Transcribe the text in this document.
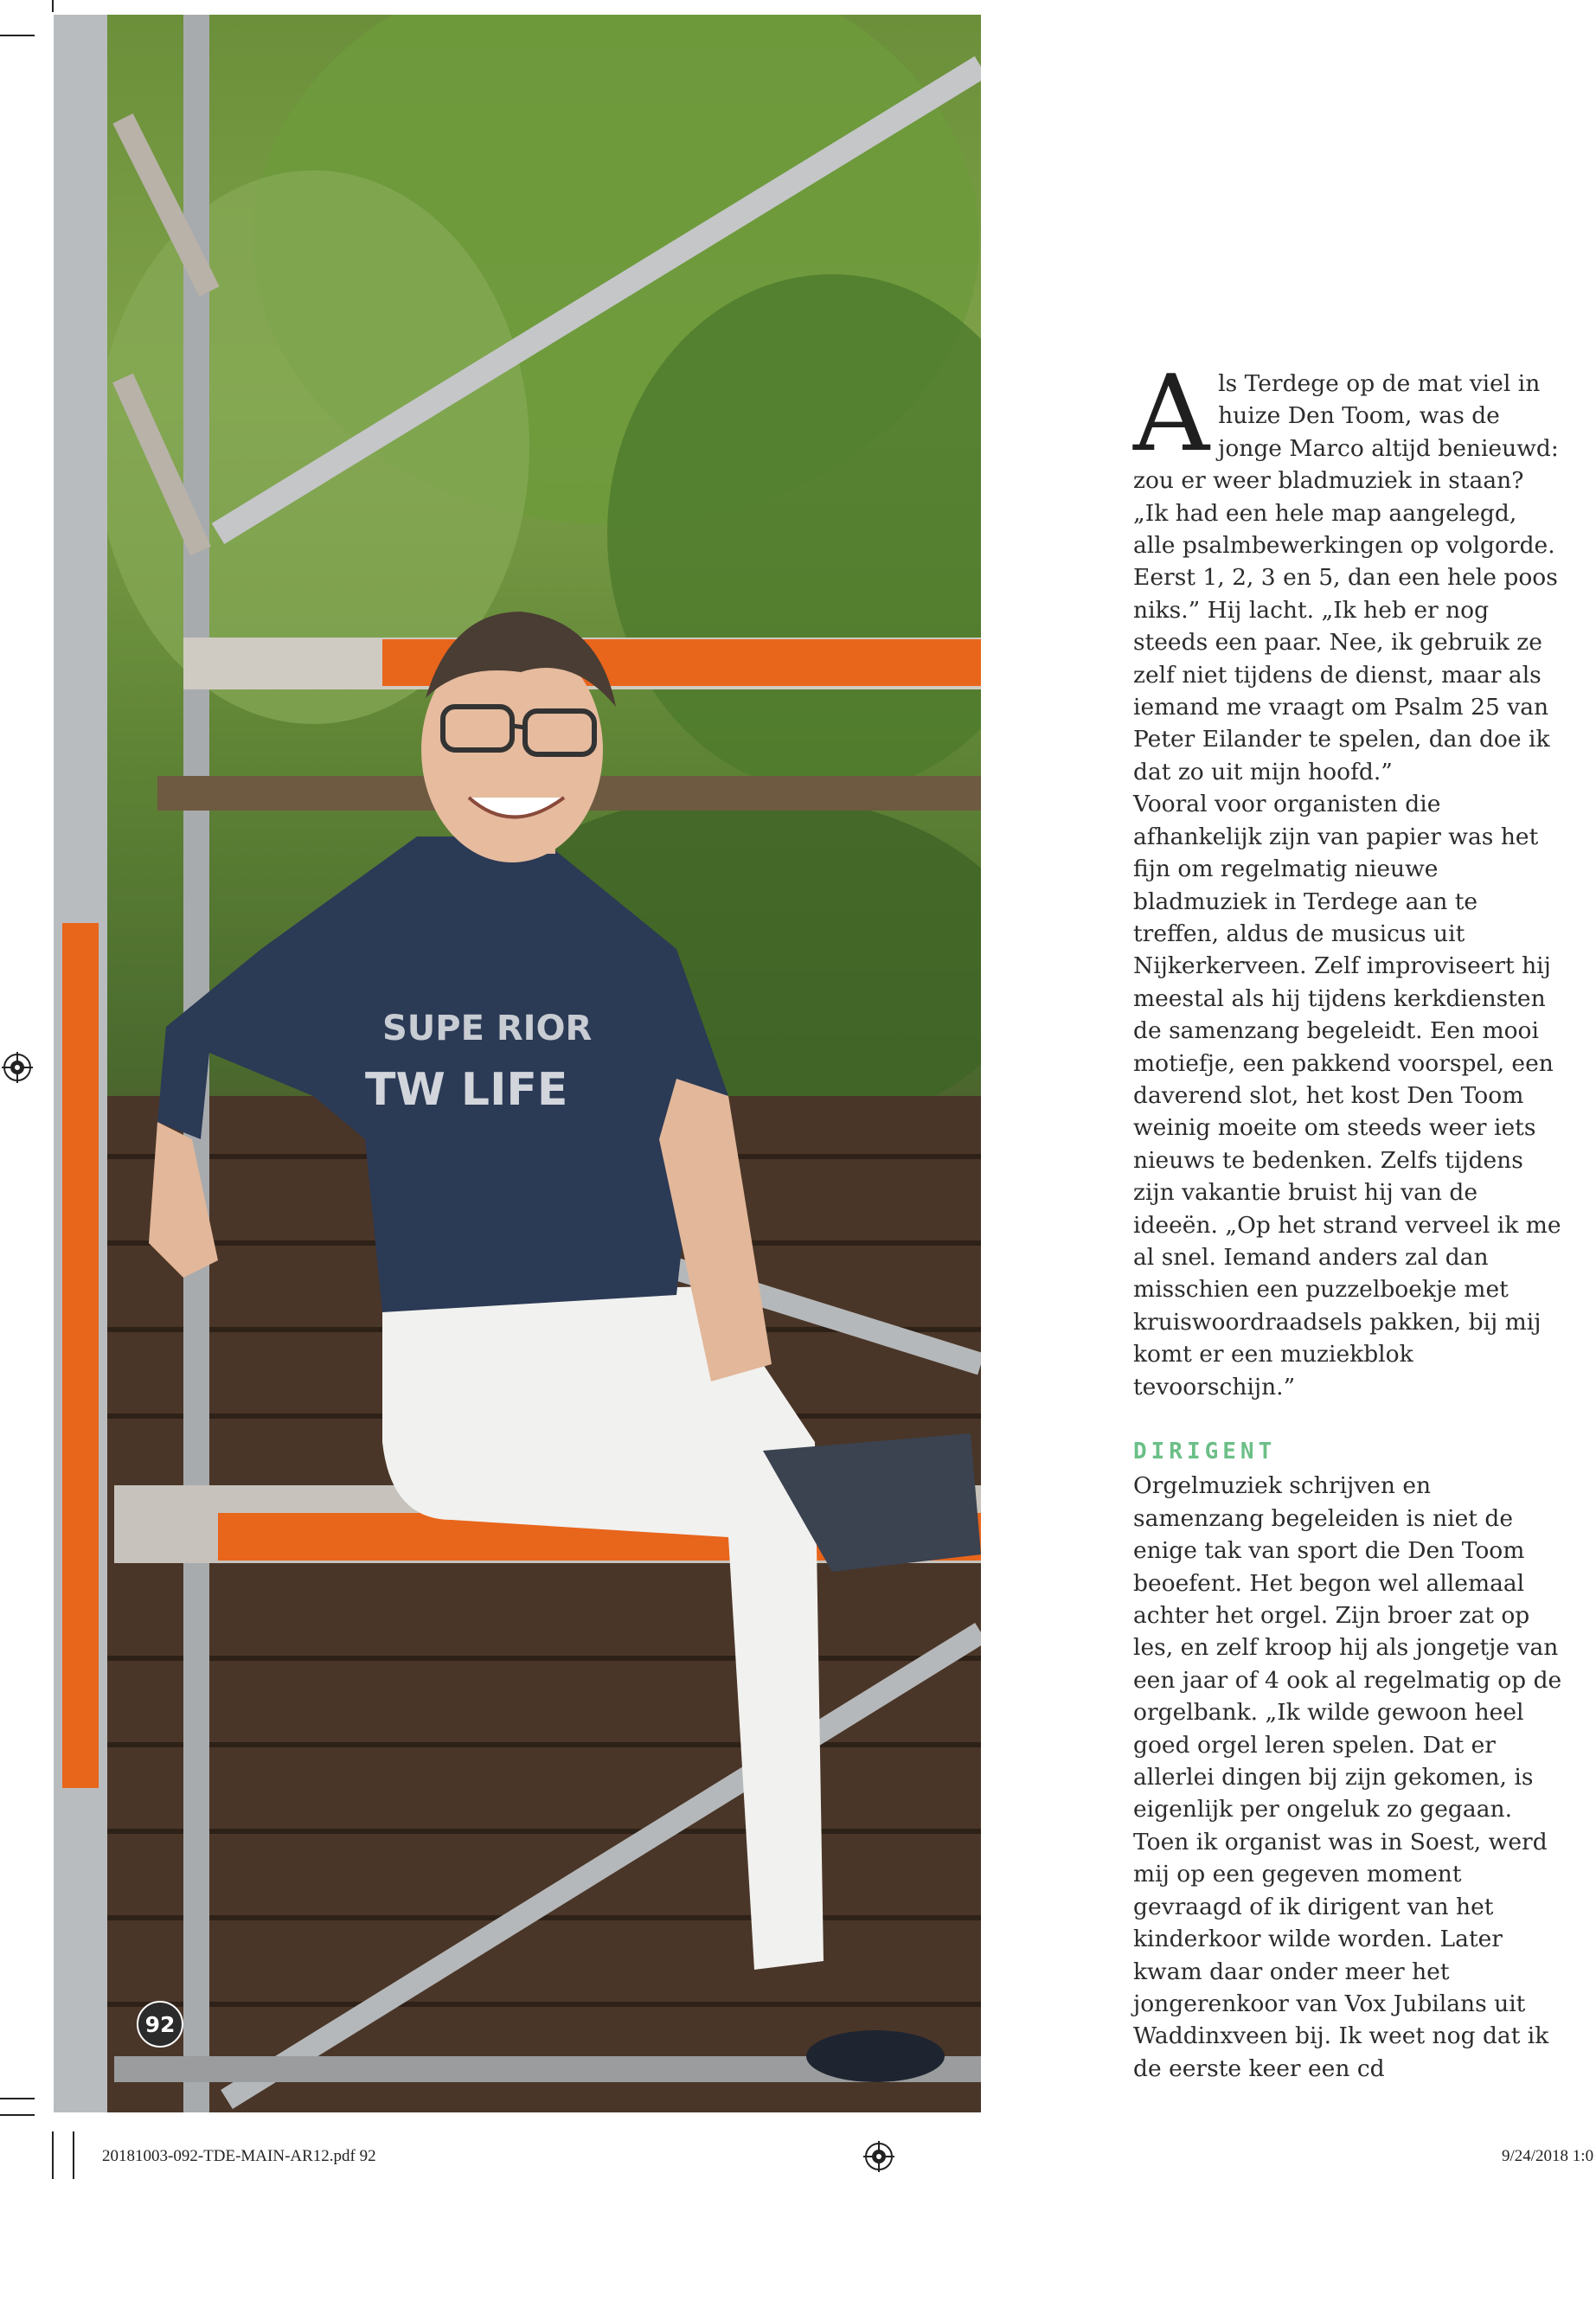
SUPE RIOR
TW LIFE
92

Als Terdege op de mat viel in huize Den Toom, was de jonge Marco altijd benieuwd: zou er weer bladmuziek in staan? „Ik had een hele map aangelegd, alle psalmbewerkingen op volgorde. Eerst 1, 2, 3 en 5, dan een hele poos niks.” Hij lacht. „Ik heb er nog steeds een paar. Nee, ik gebruik ze zelf niet tijdens de dienst, maar als iemand me vraagt om Psalm 25 van Peter Eilander te spelen, dan doe ik dat zo uit mijn hoofd.”

Vooral voor organisten die afhankelijk zijn van papier was het fijn om regelmatig nieuwe bladmuziek in Terdege aan te treffen, aldus de musicus uit Nijkerkerveen. Zelf improviseert hij meestal als hij tijdens kerkdiensten de samenzang begeleidt. Een mooi motiefje, een pakkend voorspel, een daverend slot, het kost Den Toom weinig moeite om steeds weer iets nieuws te bedenken. Zelfs tijdens zijn vakantie bruist hij van de ideeën. „Op het strand verveel ik me al snel. Iemand anders zal dan misschien een puzzelboekje met kruiswoordraadsels pakken, bij mij komt er een muziekblok tevoorschijn.”

DIRIGENT

Orgelmuziek schrijven en samenzang begeleiden is niet de enige tak van sport die Den Toom beoefent. Het begon wel allemaal achter het orgel. Zijn broer zat op les, en zelf kroop hij als jongetje van een jaar of 4 ook al regelmatig op de orgelbank. „Ik wilde gewoon heel goed orgel leren spelen. Dat er allerlei dingen bij zijn gekomen, is eigenlijk per ongeluk zo gegaan. Toen ik organist was in Soest, werd mij op een gegeven moment gevraagd of ik dirigent van het kinderkoor wilde worden. Later kwam daar onder meer het jongerenkoor van Vox Jubilans uit Waddinxveen bij. Ik weet nog dat ik de eerste keer een cd

20181003-092-TDE-MAIN-AR12.pdf 92	9/24/2018 1:0
